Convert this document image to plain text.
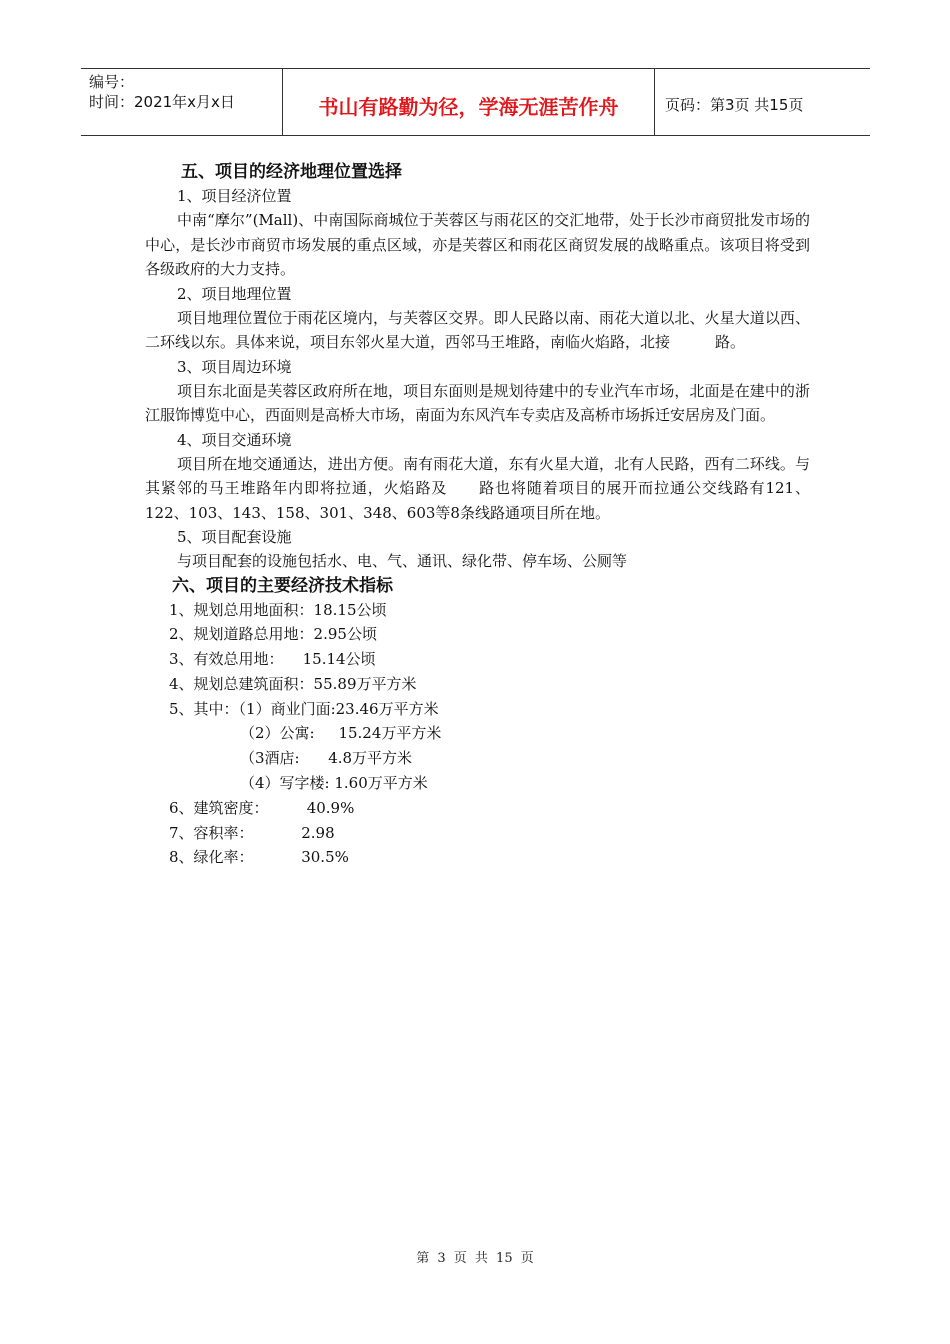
编号：
时间：2021年x月x日	书山有路勤为径，学海无涯苦作舟	页码：第3页 共15页

五、项目的经济地理位置选择

1、项目经济位置

中南“摩尔”(Mall)、中南国际商城位于芙蓉区与雨花区的交汇地带，处于长沙市商贸批发市场的中心，是长沙市商贸市场发展的重点区域，亦是芙蓉区和雨花区商贸发展的战略重点。该项目将受到各级政府的大力支持。

2、项目地理位置

项目地理位置位于雨花区境内，与芙蓉区交界。即人民路以南、雨花大道以北、火星大道以西、二环线以东。具体来说，项目东邻火星大道，西邻马王堆路，南临火焰路，北接　　　路。

3、项目周边环境

项目东北面是芙蓉区政府所在地，项目东面则是规划待建中的专业汽车市场，北面是在建中的浙江服饰博览中心，西面则是高桥大市场，南面为东风汽车专卖店及高桥市场拆迁安居房及门面。

4、项目交通环境

项目所在地交通通达，进出方便。南有雨花大道，东有火星大道，北有人民路，西有二环线。与其紧邻的马王堆路年内即将拉通，火焰路及　　路也将随着项目的展开而拉通公交线路有121、122、103、143、158、301、348、603等8条线路通项目所在地。

5、项目配套设施

与项目配套的设施包括水、电、气、通讯、绿化带、停车场、公厕等

六、项目的主要经济技术指标

1、规划总用地面积：18.15公顷

2、规划道路总用地：2.95公顷

3、有效总用地：    15.14公顷

4、规划总建筑面积：55.89万平方米

5、其中：（1）商业门面:23.46万平方米

（2）公寓:     15.24万平方米

（3酒店:      4.8万平方米

（4）写字楼: 1.60万平方米

6、建筑密度：        40.9%

7、容积率：          2.98

8、绿化率：          30.5%

第 3 页 共 15 页
